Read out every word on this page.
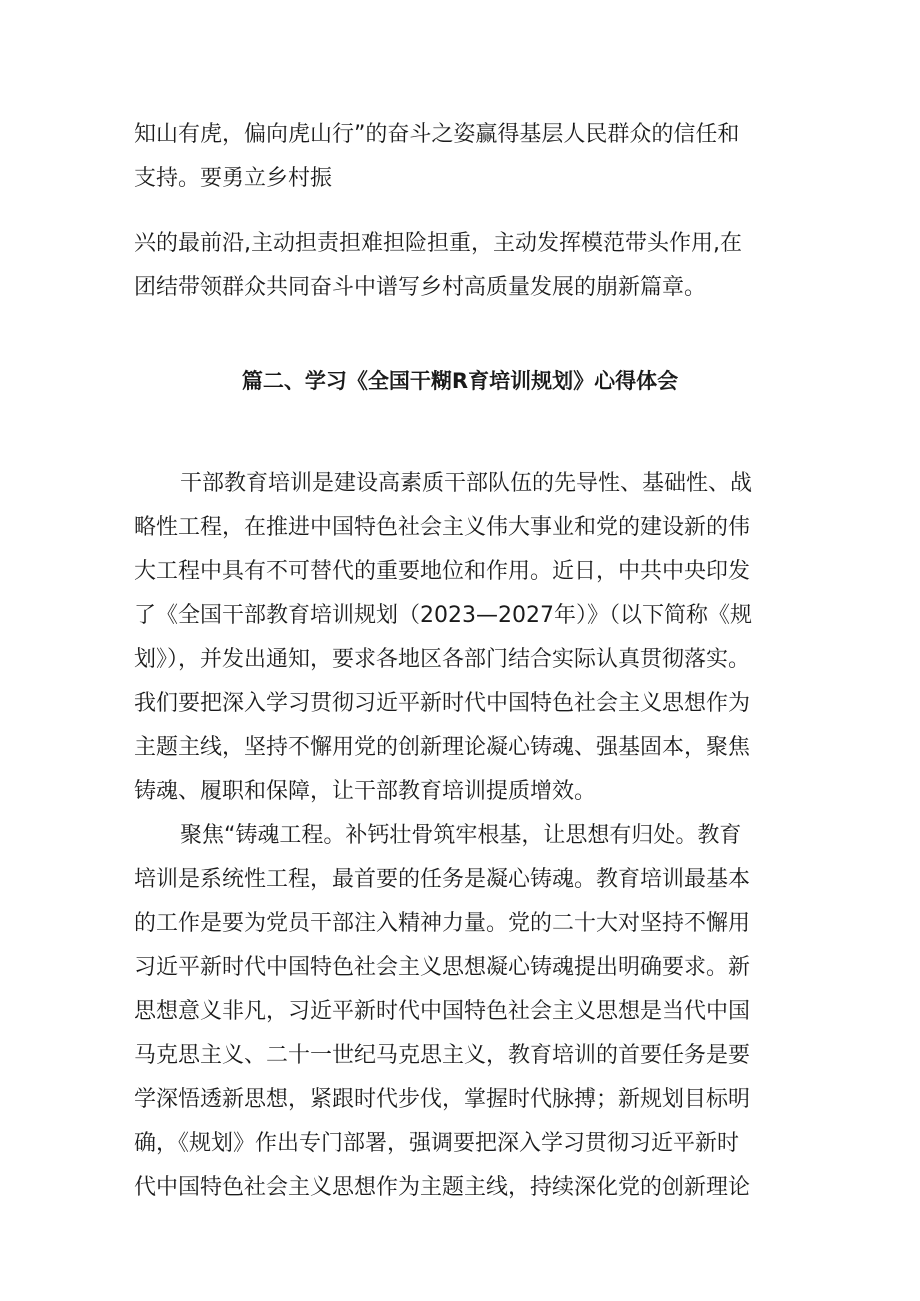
知山有虎，偏向虎山行”的奋斗之姿赢得基层人民群众的信任和
支持。要勇立乡村振
兴的最前沿,主动担责担难担险担重，主动发挥模范带头作用,在
团结带领群众共同奋斗中谱写乡村高质量发展的崩新篇章。
篇二、学习《全国干糊R育培训规划》心得体会
干部教育培训是建设高素质干部队伍的先导性、基础性、战
略性工程，在推进中国特色社会主义伟大事业和党的建设新的伟
大工程中具有不可替代的重要地位和作用。近日，中共中央印发
了《全国干部教育培训规划（2023—2027年）》（以下简称《规
划》），并发出通知，要求各地区各部门结合实际认真贯彻落实。
我们要把深入学习贯彻习近平新时代中国特色社会主义思想作为
主题主线，坚持不懈用党的创新理论凝心铸魂、强基固本，聚焦
铸魂、履职和保障，让干部教育培训提质增效。
聚焦“铸魂工程。补钙壮骨筑牢根基，让思想有归处。教育
培训是系统性工程，最首要的任务是凝心铸魂。教育培训最基本
的工作是要为党员干部注入精神力量。党的二十大对坚持不懈用
习近平新时代中国特色社会主义思想凝心铸魂提出明确要求。新
思想意义非凡，习近平新时代中国特色社会主义思想是当代中国
马克思主义、二十一世纪马克思主义，教育培训的首要任务是要
学深悟透新思想，紧跟时代步伐，掌握时代脉搏；新规划目标明
确，《规划》作出专门部署，强调要把深入学习贯彻习近平新时
代中国特色社会主义思想作为主题主线，持续深化党的创新理论
